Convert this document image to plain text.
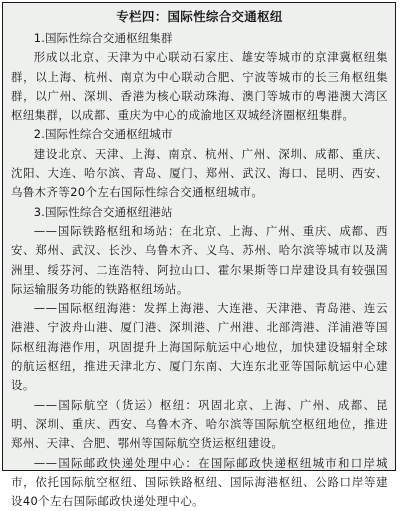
专栏四：国际性综合交通枢纽

1.国际性综合交通枢纽集群

形成以北京、天津为中心联动石家庄、雄安等城市的京津冀枢纽集群，以上海、杭州、南京为中心联动合肥、宁波等城市的长三角枢纽集群，以广州、深圳、香港为核心联动珠海、澳门等城市的粤港澳大湾区枢纽集群，以成都、重庆为中心的成渝地区双城经济圈枢纽集群。

2.国际性综合交通枢纽城市

建设北京、天津、上海、南京、杭州、广州、深圳、成都、重庆、沈阳、大连、哈尔滨、青岛、厦门、郑州、武汉、海口、昆明、西安、乌鲁木齐等20个左右国际性综合交通枢纽城市。

3.国际性综合交通枢纽港站

——国际铁路枢纽和场站：在北京、上海、广州、重庆、成都、西安、郑州、武汉、长沙、乌鲁木齐、义乌、苏州、哈尔滨等城市以及满洲里、绥芬河、二连浩特、阿拉山口、霍尔果斯等口岸建设具有较强国际运输服务功能的铁路枢纽场站。

——国际枢纽海港：发挥上海港、大连港、天津港、青岛港、连云港港、宁波舟山港、厦门港、深圳港、广州港、北部湾港、洋浦港等国际枢纽海港作用，巩固提升上海国际航运中心地位，加快建设辐射全球的航运枢纽，推进天津北方、厦门东南、大连东北亚等国际航运中心建设。

——国际航空（货运）枢纽：巩固北京、上海、广州、成都、昆明、深圳、重庆、西安、乌鲁木齐、哈尔滨等国际航空枢纽地位，推进郑州、天津、合肥、鄂州等国际航空货运枢纽建设。

——国际邮政快递处理中心：在国际邮政快递枢纽城市和口岸城市，依托国际航空枢纽、国际铁路枢纽、国际海港枢纽、公路口岸等建设40个左右国际邮政快递处理中心。
